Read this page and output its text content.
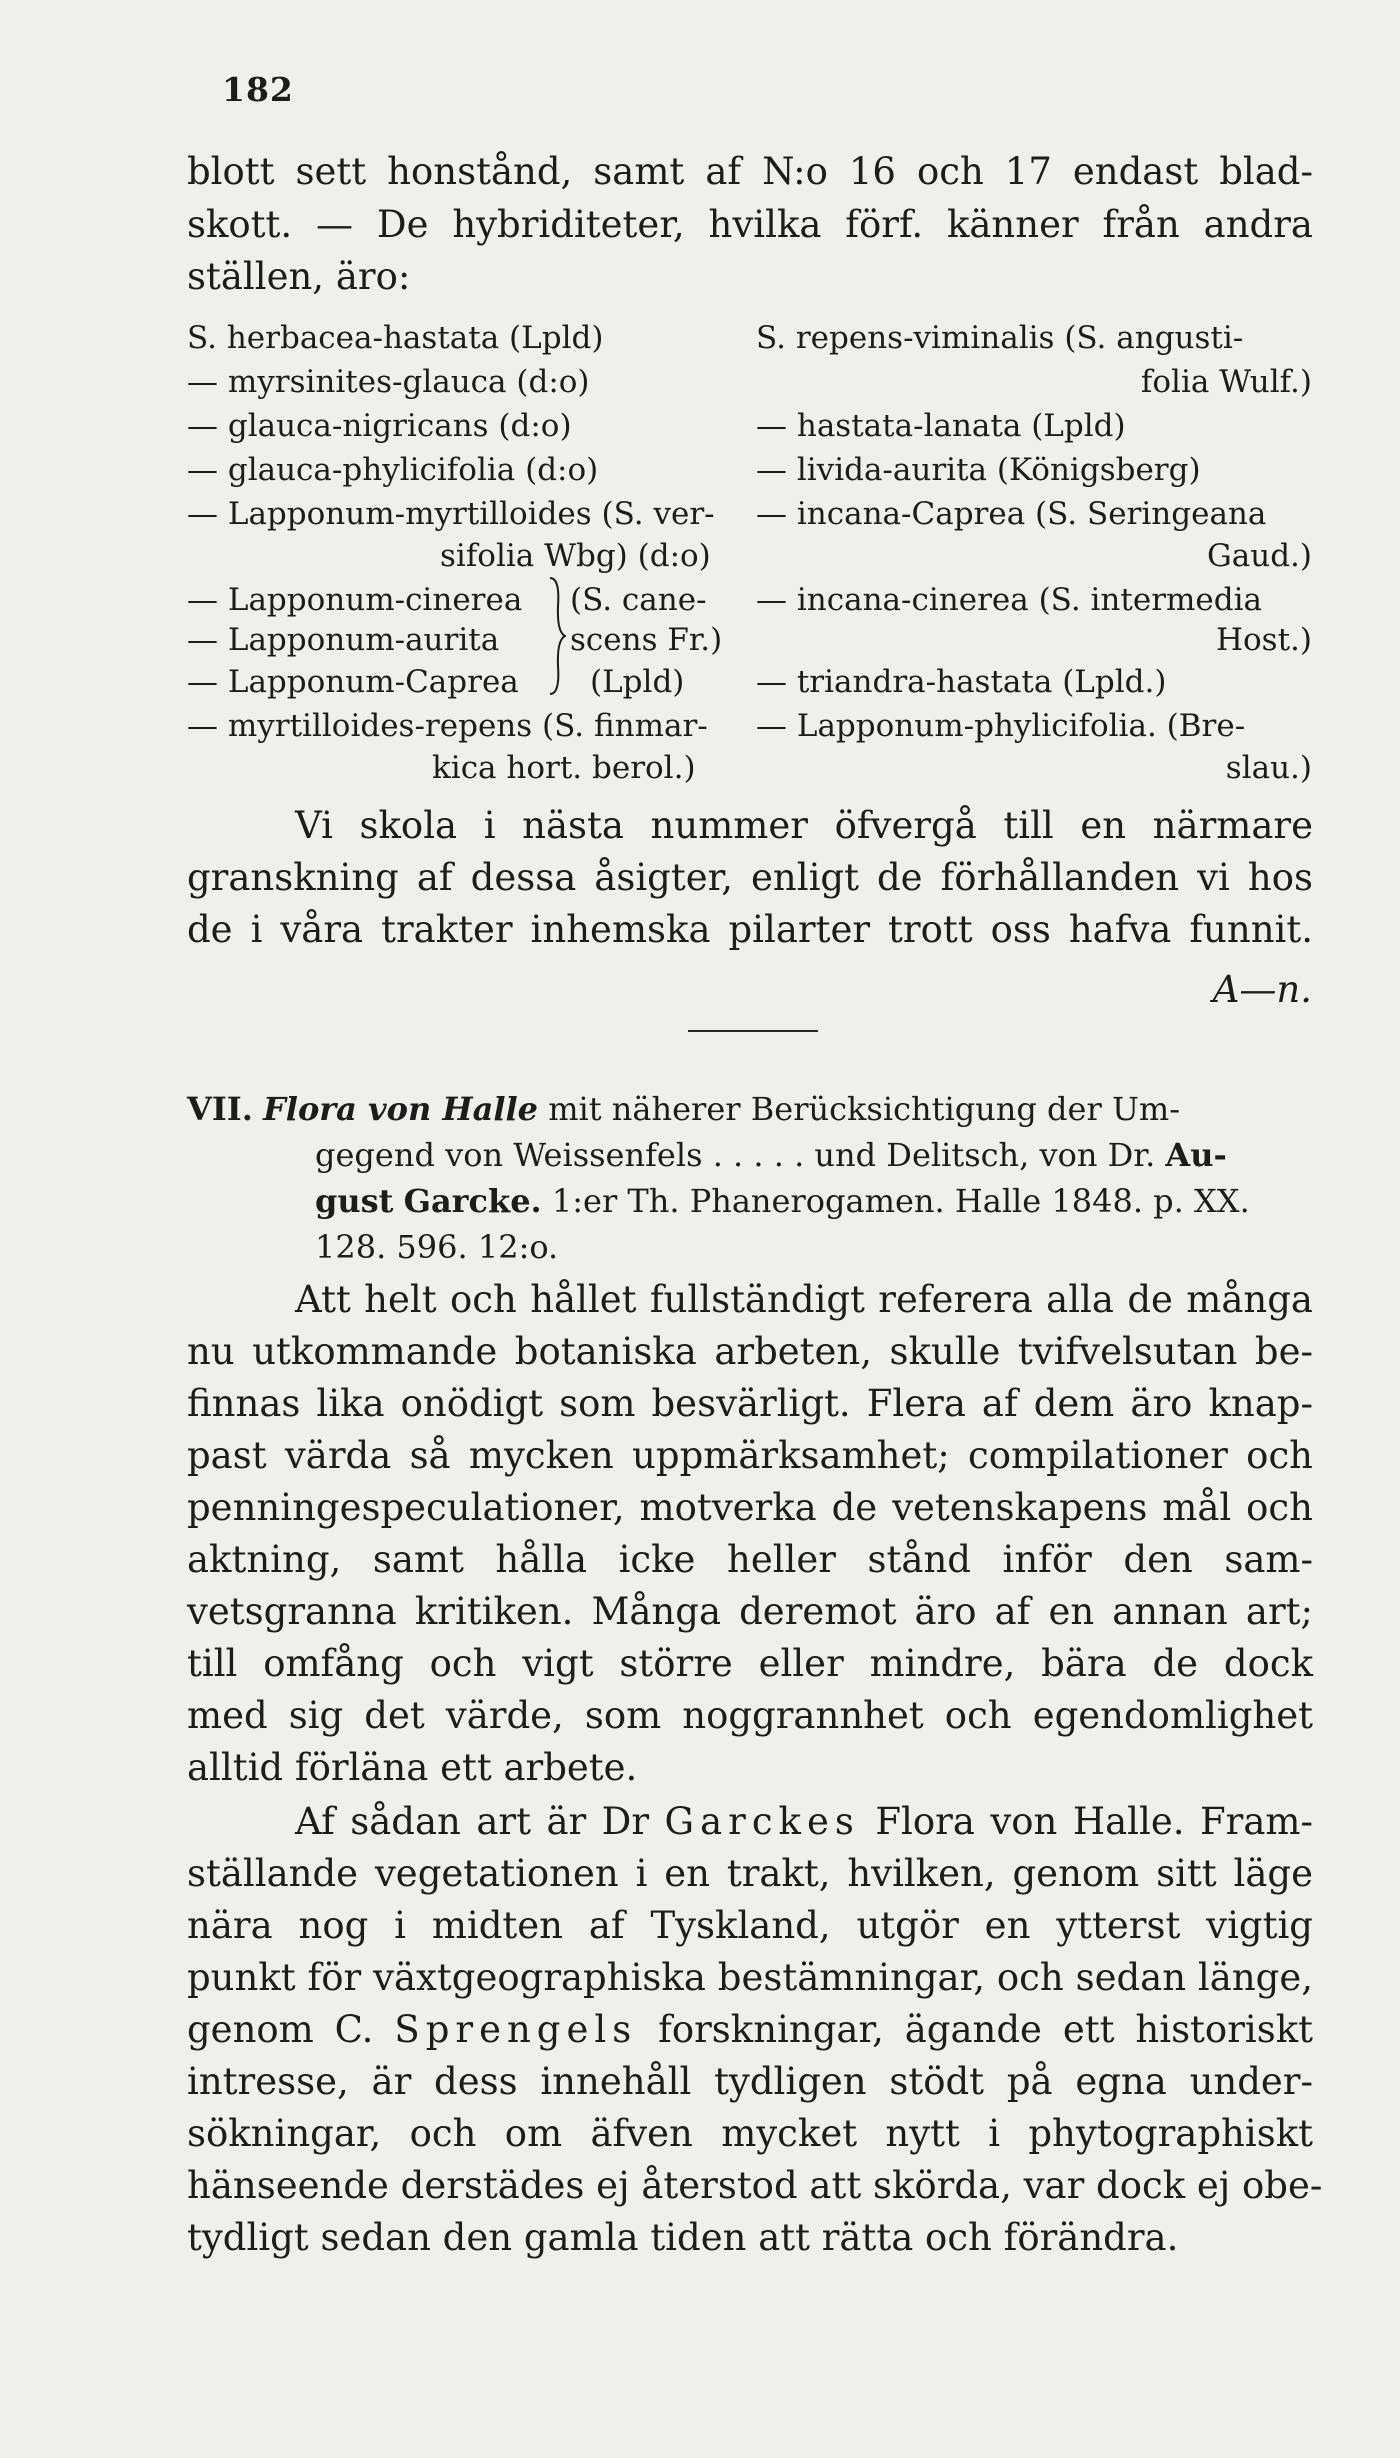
182
blott sett honstånd, samt af N:o 16 och 17 endast blad-
skott. — De hybriditeter, hvilka förf. känner från andra
ställen, äro:
S. herbacea-hastata (Lpld)
— myrsinites-glauca (d:o)
— glauca-nigricans (d:o)
— glauca-phylicifolia (d:o)
— Lapponum-myrtilloides (S. ver-
sifolia Wbg) (d:o)
— Lapponum-cinerea
— Lapponum-aurita
— Lapponum-Caprea
(S. cane-
scens Fr.)
(Lpld)
— myrtilloides-repens (S. finmar-
kica hort. berol.)
S. repens-viminalis (S. angusti-
folia Wulf.)
— hastata-lanata (Lpld)
— livida-aurita (Königsberg)
— incana-Caprea (S. Seringeana
Gaud.)
— incana-cinerea (S. intermedia
Host.)
— triandra-hastata (Lpld.)
— Lapponum-phylicifolia. (Bre-
slau.)
Vi skola i nästa nummer öfvergå till en närmare
granskning af dessa åsigter, enligt de förhållanden vi hos
de i våra trakter inhemska pilarter trott oss hafva funnit.
A—n.
VII. Flora von Halle mit näherer Berücksichtigung der Um-
gegend von Weissenfels . . . . . und Delitsch, von Dr. Au-
gust Garcke. 1:er Th. Phanerogamen. Halle 1848. p. XX.
128. 596. 12:o.
Att helt och hållet fullständigt referera alla de många
nu utkommande botaniska arbeten, skulle tvifvelsutan be-
finnas lika onödigt som besvärligt. Flera af dem äro knap-
past värda så mycken uppmärksamhet; compilationer och
penningespeculationer, motverka de vetenskapens mål och
aktning, samt hålla icke heller stånd inför den sam-
vetsgranna kritiken. Många deremot äro af en annan art;
till omfång och vigt större eller mindre, bära de dock
med sig det värde, som noggrannhet och egendomlighet
alltid förläna ett arbete.
Af sådan art är Dr Garckes Flora von Halle. Fram-
ställande vegetationen i en trakt, hvilken, genom sitt läge
nära nog i midten af Tyskland, utgör en ytterst vigtig
punkt för växtgeographiska bestämningar, och sedan länge,
genom C. Sprengels forskningar, ägande ett historiskt
intresse, är dess innehåll tydligen stödt på egna under-
sökningar, och om äfven mycket nytt i phytographiskt
hänseende derstädes ej återstod att skörda, var dock ej obe-
tydligt sedan den gamla tiden att rätta och förändra.
